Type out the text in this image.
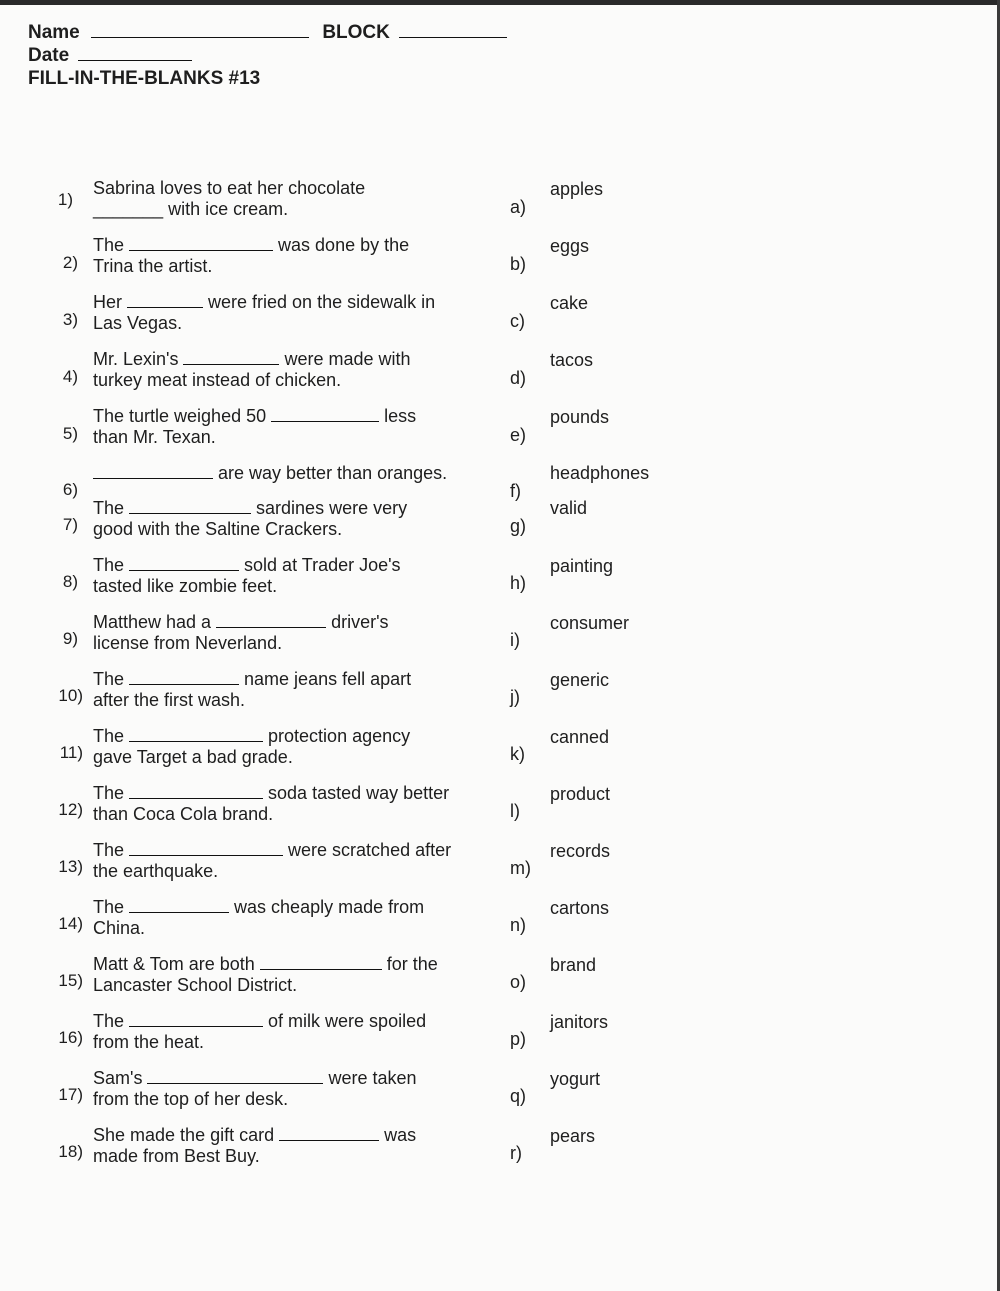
Name	BLOCK
Date
FILL-IN-THE-BLANKS #13
1)
Sabrina loves to eat her chocolate
_______ with ice cream.
2)
The	was done by the
Trina the artist.
3)
Her	were fried on the sidewalk in
Las Vegas.
4)
Mr. Lexin's	were made with
turkey meat instead of chicken.
5)
The turtle weighed 50	less
than Mr. Texan.
6)
are way better than oranges.
7)
The	sardines were very
good with the Saltine Crackers.
8)
The	sold at Trader Joe's
tasted like zombie feet.
9)
Matthew had a	driver's
license from Neverland.
10)
The	name jeans fell apart
after the first wash.
11)
The	protection agency
gave Target a bad grade.
12)
The	soda tasted way better
than Coca Cola brand.
13)
The	were scratched after
the earthquake.
14)
The	was cheaply made from
China.
15)
Matt & Tom are both	for the
Lancaster School District.
16)
The	of milk were spoiled
from the heat.
17)
Sam's	were taken
from the top of her desk.
18)
She made the gift card	was
made from Best Buy.
apples
a)
eggs
b)
cake
c)
tacos
d)
pounds
e)
headphones
f)
valid
g)
painting
h)
consumer
i)
generic
j)
canned
k)
product
l)
records
m)
cartons
n)
brand
o)
janitors
p)
yogurt
q)
pears
r)
